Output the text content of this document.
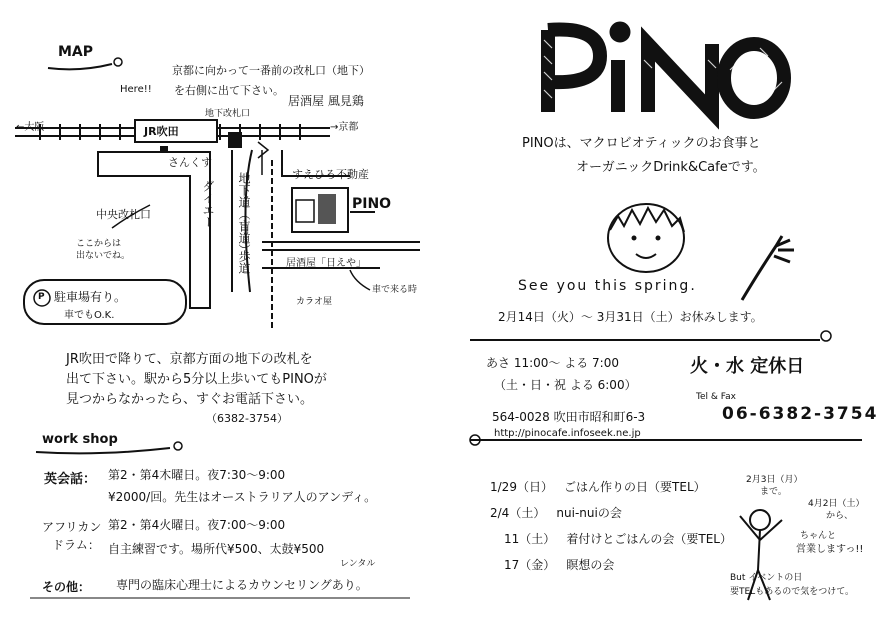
MAP
Here!!
京都に向かって一番前の改札口（地下）
を右側に出て下さい。
←大阪	→京都
JR吹田
地下改札口
居酒屋 風見鶏
さんくす
ダイエー
すえひろ不動産
PINO
地下道（盲道）
歩道
中央改札口
ここからは
出ないでね。
居酒屋「日えや」
車で来る時
カラオ屋
P 駐車場有り。
車でもO.K.
JR吹田で降りて、京都方面の地下の改札を
出て下さい。駅から5分以上歩いてもPINOが
見つからなかったら、すぐお電話下さい。
（6382-3754）
work shop
英会話： 第2・第4木曜日。夜7:30〜9:00
¥2000/回。先生はオーストラリア人のアンディ。
アフリカン
ドラム：
第2・第4火曜日。夜7:00〜9:00
自主練習です。場所代¥500、太鼓¥500
レンタル
その他： 専門の臨床心理士によるカウンセリングあり。
PINOは、マクロビオティックのお食事と
オーガニックDrink&Cafeです。
See you this spring.
2月14日（火）〜 3月31日（土）お休みします。
あさ 11:00〜 よる 7:00
（土・日・祝 よる 6:00）
火・水 定休日
Tel & Fax
564-0028 吹田市昭和町6-3	06-6382-3754
http://pinocafe.infoseek.ne.jp
1/29（日） ごはん作りの日（要TEL）
2/4（土） nui-nuiの会
11（土） 着付けとごはんの会（要TEL）
17（金） 瞑想の会
2月3日（月）
まで。
4月2日（土）
から、
ちゃんと
営業しますっ!!
But イベントの日
要TELもあるので気をつけて。
